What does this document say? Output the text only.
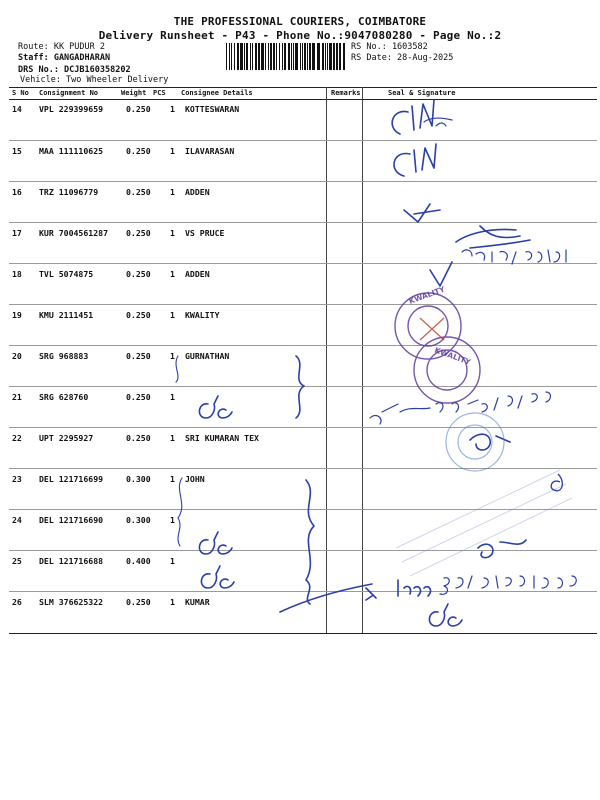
THE PROFESSIONAL COURIERS, COIMBATORE
Delivery Runsheet - P43 - Phone No.:9047080280 - Page No.:2
Route: KK PUDUR 2
Staff: GANGADHARAN
DRS No.: DCJB160358202
Vehicle: Two Wheeler Delivery
RS No.: 1603582
RS Date: 28-Aug-2025
S No Consignment No	Weight PCS Consignee Details	Remarks	Seal & Signature
14 VPL 229399659	0.250 1 KOTTESWARAN
15 MAA 111110625	0.250 1 ILAVARASAN
16 TRZ 11096779	0.250 1 ADDEN
17 KUR 7004561287 0.250 1 VS PRUCE
18 TVL 5074875	0.250 1 ADDEN
19 KMU 2111451	0.250 1 KWALITY
20 SRG 968883	0.250 1 GURNATHAN
21 SRG 628760	0.250 1
22 UPT 2295927	0.250 1 SRI KUMARAN TEX
23 DEL 121716699	0.300 1 JOHN
24 DEL 121716690	0.300 1
25 DEL 121716688	0.400 1
26 SLM 376625322	0.250 1 KUMAR
KWALITY
KWALITY
